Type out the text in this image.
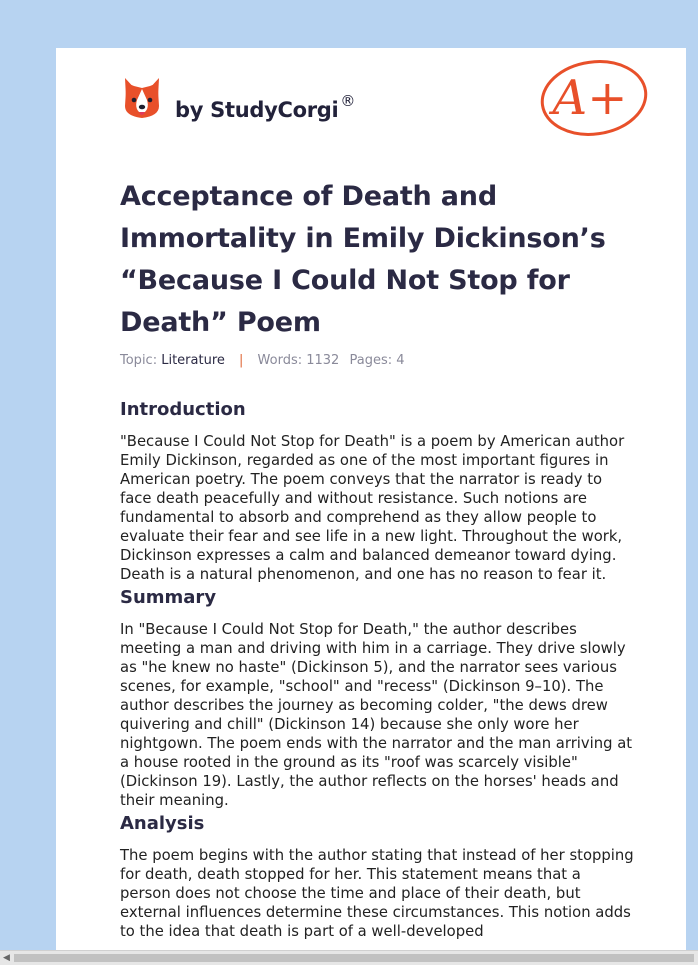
by StudyCorgi ®	A+
Acceptance of Death and Immortality in Emily Dickinson’s “Because I Could Not Stop for Death” Poem
Topic: Literature | Words: 1132 Pages: 4
Introduction

"Because I Could Not Stop for Death" is a poem by American author Emily Dickinson, regarded as one of the most important figures in American poetry. The poem conveys that the narrator is ready to face death peacefully and without resistance. Such notions are fundamental to absorb and comprehend as they allow people to evaluate their fear and see life in a new light. Throughout the work, Dickinson expresses a calm and balanced demeanor toward dying. Death is a natural phenomenon, and one has no reason to fear it.

Summary

In "Because I Could Not Stop for Death," the author describes meeting a man and driving with him in a carriage. They drive slowly as "he knew no haste" (Dickinson 5), and the narrator sees various scenes, for example, "school" and "recess" (Dickinson 9–10). The author describes the journey as becoming colder, "the dews drew quivering and chill" (Dickinson 14) because she only wore her nightgown. The poem ends with the narrator and the man arriving at a house rooted in the ground as its "roof was scarcely visible" (Dickinson 19). Lastly, the author reflects on the horses' heads and their meaning.

Analysis

The poem begins with the author stating that instead of her stopping for death, death stopped for her. This statement means that a person does not choose the time and place of their death, but external influences determine these circumstances. This notion adds to the idea that death is part of a well-developed

◀
